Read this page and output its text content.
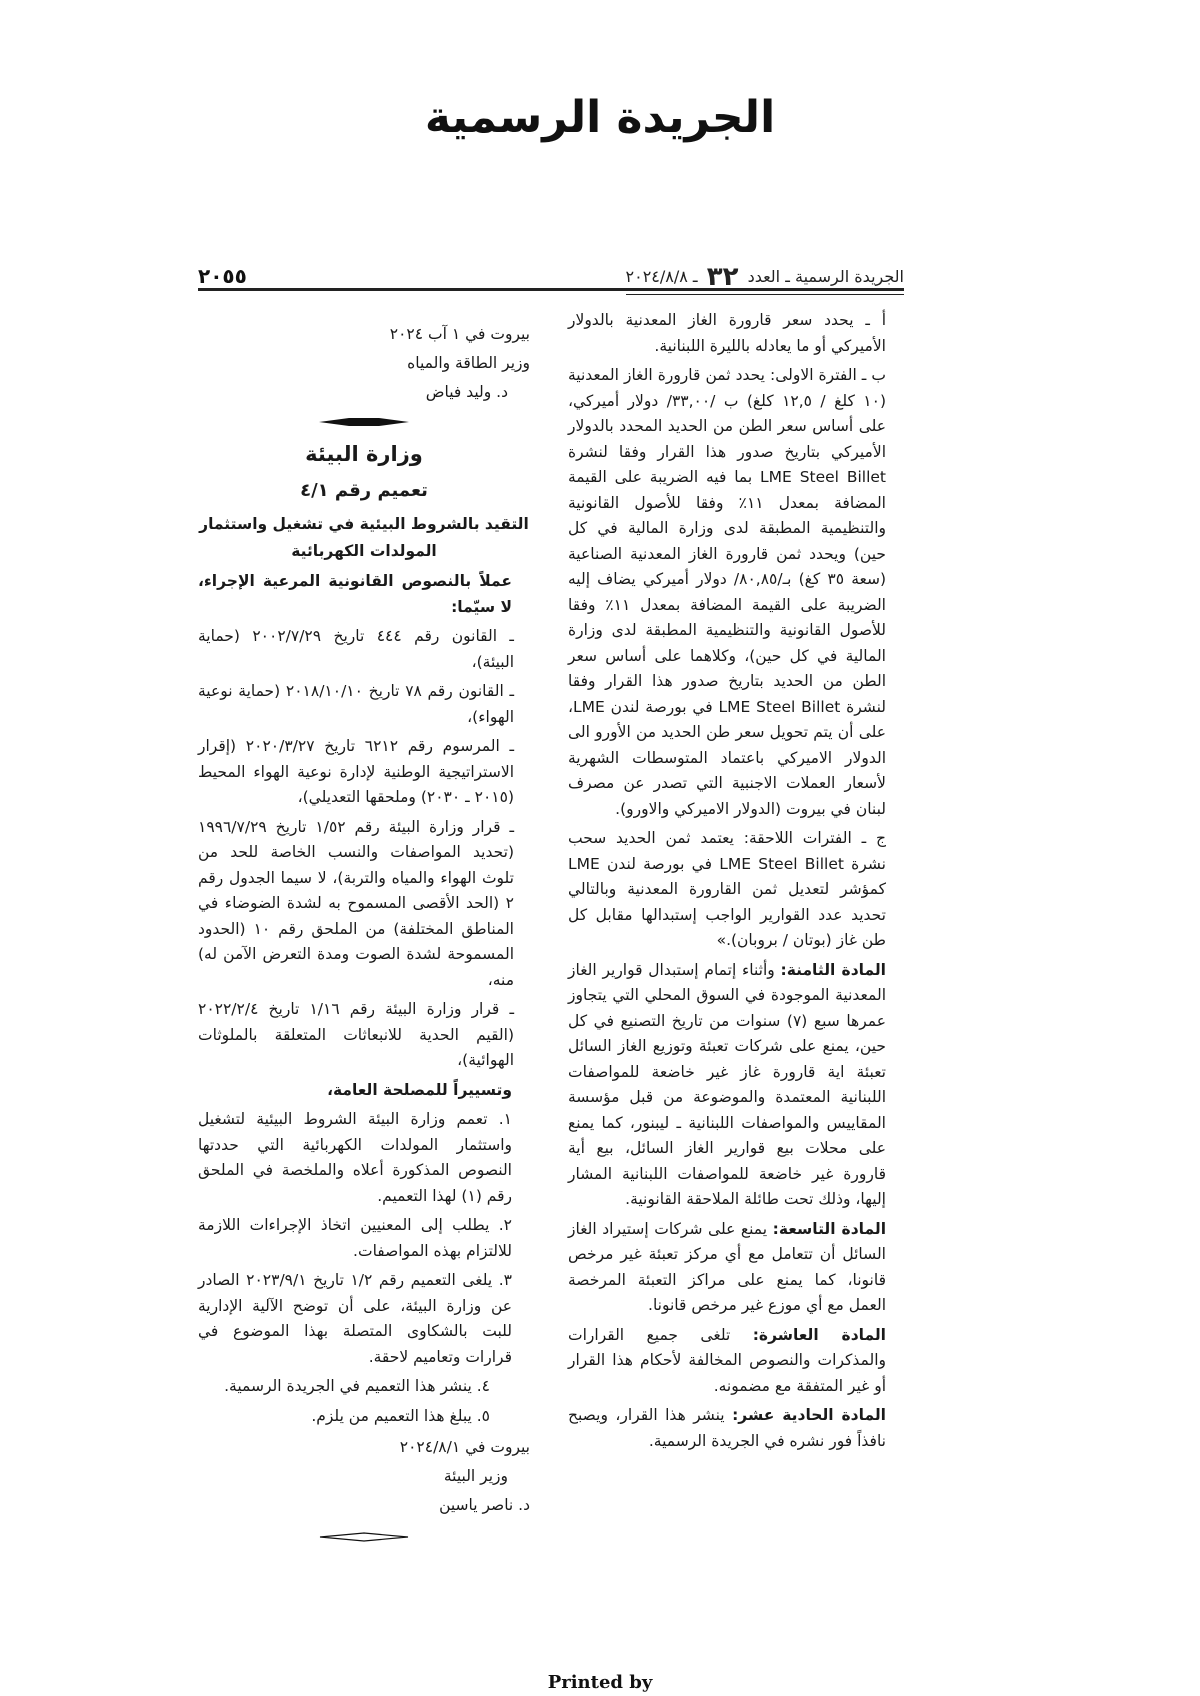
الجريدة الرسمية
الجريدة الرسمية ـ العدد ٣٢ ـ ٢٠٢٤/٨/٨
٢٠٥٥

أ ـ يحدد سعر قارورة الغاز المعدنية بالدولار الأميركي أو ما يعادله بالليرة اللبنانية.

ب ـ الفترة الاولى: يحدد ثمن قارورة الغاز المعدنية (١٠ كلغ / ١٢,٥ كلغ) ب /٣٣,٠٠/ دولار أميركي، على أساس سعر الطن من الحديد المحدد بالدولار الأميركي بتاريخ صدور هذا القرار وفقا لنشرة LME Steel Billet بما فيه الضريبة على القيمة المضافة بمعدل ١١٪ وفقا للأصول القانونية والتنظيمية المطبقة لدى وزارة المالية في كل حين) ويحدد ثمن قارورة الغاز المعدنية الصناعية (سعة ٣٥ كغ) بـ/٨٠,٨٥/ دولار أميركي يضاف إليه الضريبة على القيمة المضافة بمعدل ١١٪ وفقا للأصول القانونية والتنظيمية المطبقة لدى وزارة المالية في كل حين)، وكلاهما على أساس سعر الطن من الحديد بتاريخ صدور هذا القرار وفقا لنشرة LME Steel Billet في بورصة لندن LME، على أن يتم تحويل سعر طن الحديد من الأورو الى الدولار الاميركي باعتماد المتوسطات الشهرية لأسعار العملات الاجنبية التي تصدر عن مصرف لبنان في بيروت (الدولار الاميركي والاورو).

ج ـ الفترات اللاحقة: يعتمد ثمن الحديد سحب نشرة LME Steel Billet في بورصة لندن LME كمؤشر لتعديل ثمن القارورة المعدنية وبالتالي تحديد عدد القوارير الواجب إستبدالها مقابل كل طن غاز (بوتان / بروبان).»

المادة الثامنة: وأثناء إتمام إستبدال قوارير الغاز المعدنية الموجودة في السوق المحلي التي يتجاوز عمرها سبع (٧) سنوات من تاريخ التصنيع في كل حين، يمنع على شركات تعبئة وتوزيع الغاز السائل تعبئة اية قارورة غاز غير خاضعة للمواصفات اللبنانية المعتمدة والموضوعة من قبل مؤسسة المقاييس والمواصفات اللبنانية ـ ليبنور، كما يمنع على محلات بيع قوارير الغاز السائل، بيع أية قارورة غير خاضعة للمواصفات اللبنانية المشار إليها، وذلك تحت طائلة الملاحقة القانونية.

المادة التاسعة: يمنع على شركات إستيراد الغاز السائل أن تتعامل مع أي مركز تعبئة غير مرخص قانونا، كما يمنع على مراكز التعبئة المرخصة العمل مع أي موزع غير مرخص قانونا.

المادة العاشرة: تلغى جميع القرارات والمذكرات والنصوص المخالفة لأحكام هذا القرار أو غير المتفقة مع مضمونه.

المادة الحادية عشر: ينشر هذا القرار، ويصبح نافذاً فور نشره في الجريدة الرسمية.

بيروت في ١ آب ٢٠٢٤

وزير الطاقة والمياه

د. وليد فياض

وزارة البيئة

تعميم رقم ٤/١

التقيد بالشروط البيئية في تشغيل واستثمار المولدات الكهربائية

عملاً بالنصوص القانونية المرعية الإجراء، لا سيّما:

ـ القانون رقم ٤٤٤ تاريخ ٢٠٠٢/٧/٢٩ (حماية البيئة)،

ـ القانون رقم ٧٨ تاريخ ٢٠١٨/١٠/١٠ (حماية نوعية الهواء)،

ـ المرسوم رقم ٦٢١٢ تاريخ ٢٠٢٠/٣/٢٧ (إقرار الاستراتيجية الوطنية لإدارة نوعية الهواء المحيط (٢٠١٥ ـ ٢٠٣٠) وملحقها التعديلي)،

ـ قرار وزارة البيئة رقم ١/٥٢ تاريخ ١٩٩٦/٧/٢٩ (تحديد المواصفات والنسب الخاصة للحد من تلوث الهواء والمياه والتربة)، لا سيما الجدول رقم ٢ (الحد الأقصى المسموح به لشدة الضوضاء في المناطق المختلفة) من الملحق رقم ١٠ (الحدود المسموحة لشدة الصوت ومدة التعرض الآمن له) منه،

ـ قرار وزارة البيئة رقم ١/١٦ تاريخ ٢٠٢٢/٢/٤ (القيم الحدية للانبعاثات المتعلقة بالملوثات الهوائية)،

وتسييراً للمصلحة العامة،

١. تعمم وزارة البيئة الشروط البيئية لتشغيل واستثمار المولدات الكهربائية التي حددتها النصوص المذكورة أعلاه والملخصة في الملحق رقم (١) لهذا التعميم.

٢. يطلب إلى المعنيين اتخاذ الإجراءات اللازمة للالتزام بهذه المواصفات.

٣. يلغى التعميم رقم ١/٢ تاريخ ٢٠٢٣/٩/١ الصادر عن وزارة البيئة، على أن توضح الآلية الإدارية للبت بالشكاوى المتصلة بهذا الموضوع في قرارات وتعاميم لاحقة.

٤. ينشر هذا التعميم في الجريدة الرسمية.

٥. يبلغ هذا التعميم من يلزم.

بيروت في ٢٠٢٤/٨/١

وزير البيئة

د. ناصر ياسين

Printed by
